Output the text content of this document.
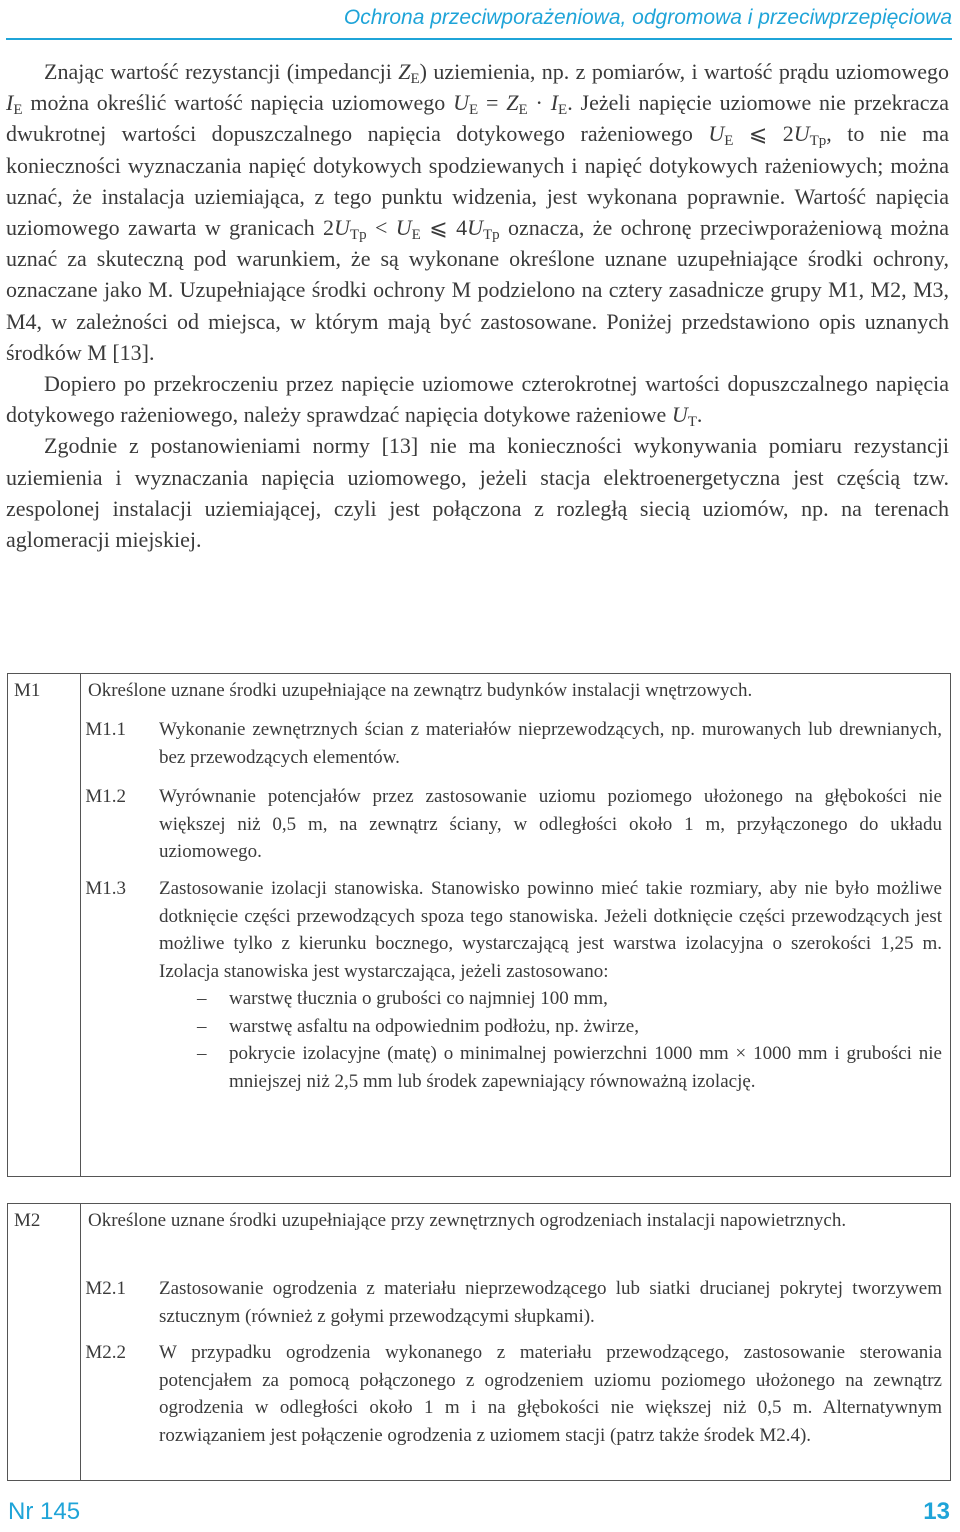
Ochrona przeciwporażeniowa, odgromowa i przeciwprzepięciowa

Znając wartość rezystancji (impedancji $Z_E$) uziemienia, np. z pomiarów, i wartość prądu uziomowego $I_E$ można określić wartość napięcia uziomowego $U_E = Z_E \cdot I_E$. Jeżeli napięcie uziomowe nie przekracza dwukrotnej wartości dopuszczalnego napięcia dotykowego rażeniowego $U_E$ ⩽ $2U_{Tp}$, to nie ma konieczności wyznaczania napięć dotykowych spodziewanych i napięć dotykowych rażeniowych; można uznać, że instalacja uziemiająca, z tego punktu widzenia, jest wykonana poprawnie. Wartość napięcia uziomowego zawarta w granicach $2U_{Tp} < U_E$ ⩽ $4U_{Tp}$ oznacza, że ochronę przeciwporażeniową można uznać za skuteczną pod warunkiem, że są wykonane określone uznane uzupełniające środki ochrony, oznaczane jako M. Uzupełniające środki ochrony M podzielono na cztery zasadnicze grupy M1, M2, M3, M4, w zależności od miejsca, w którym mają być zastosowane. Poniżej przedstawiono opis uznanych środków M [13].

Dopiero po przekroczeniu przez napięcie uziomowe czterokrotnej wartości dopuszczalnego napięcia dotykowego rażeniowego, należy sprawdzać napięcia dotykowe rażeniowe $U_T$.

Zgodnie z postanowieniami normy [13] nie ma konieczności wykonywania pomiaru rezystancji uziemienia i wyznaczania napięcia uziomowego, jeżeli stacja elektroenergetyczna jest częścią tzw. zespolonej instalacji uziemiającej, czyli jest połączona z rozległą siecią uziomów, np. na terenach aglomeracji miejskiej.

M1	Określone uznane środki uzupełniające na zewnątrz budynków instalacji wnętrzowych.
M1.1 Wykonanie zewnętrznych ścian z materiałów nieprzewodzących, np. murowanych lub drewnianych, bez przewodzących elementów.
M1.2 Wyrównanie potencjałów przez zastosowanie uziomu poziomego ułożonego na głębokości nie większej niż 0,5 m, na zewnątrz ściany, w odległości około 1 m, przyłączonego do układu uziomowego.
M1.3 Zastosowanie izolacji stanowiska. Stanowisko powinno mieć takie rozmiary, aby nie było możliwe dotknięcie części przewodzących spoza tego stanowiska. Jeżeli dotknięcie części przewodzących jest możliwe tylko z kierunku bocznego, wystarczającą jest warstwa izolacyjna o szerokości 1,25 m. Izolacja stanowiska jest wystarczająca, jeżeli zastosowano:
– warstwę tłucznia o grubości co najmniej 100 mm,
– warstwę asfaltu na odpowiednim podłożu, np. żwirze,
– pokrycie izolacyjne (matę) o minimalnej powierzchni 1000 mm × 1000 mm i grubości nie mniejszej niż 2,5 mm lub środek zapewniający równoważną izolację.
M2	Określone uznane środki uzupełniające przy zewnętrznych ogrodzeniach instalacji napowietrznych.
M2.1 Zastosowanie ogrodzenia z materiału nieprzewodzącego lub siatki drucianej pokrytej tworzywem sztucznym (również z gołymi przewodzącymi słupkami).
M2.2 W przypadku ogrodzenia wykonanego z materiału przewodzącego, zastosowanie sterowania potencjałem za pomocą połączonego z ogrodzeniem uziomu poziomego ułożonego na zewnątrz ogrodzenia w odległości około 1 m i na głębokości nie większej niż 0,5 m. Alternatywnym rozwiązaniem jest połączenie ogrodzenia z uziomem stacji (patrz także środek M2.4).
Nr 145	13
